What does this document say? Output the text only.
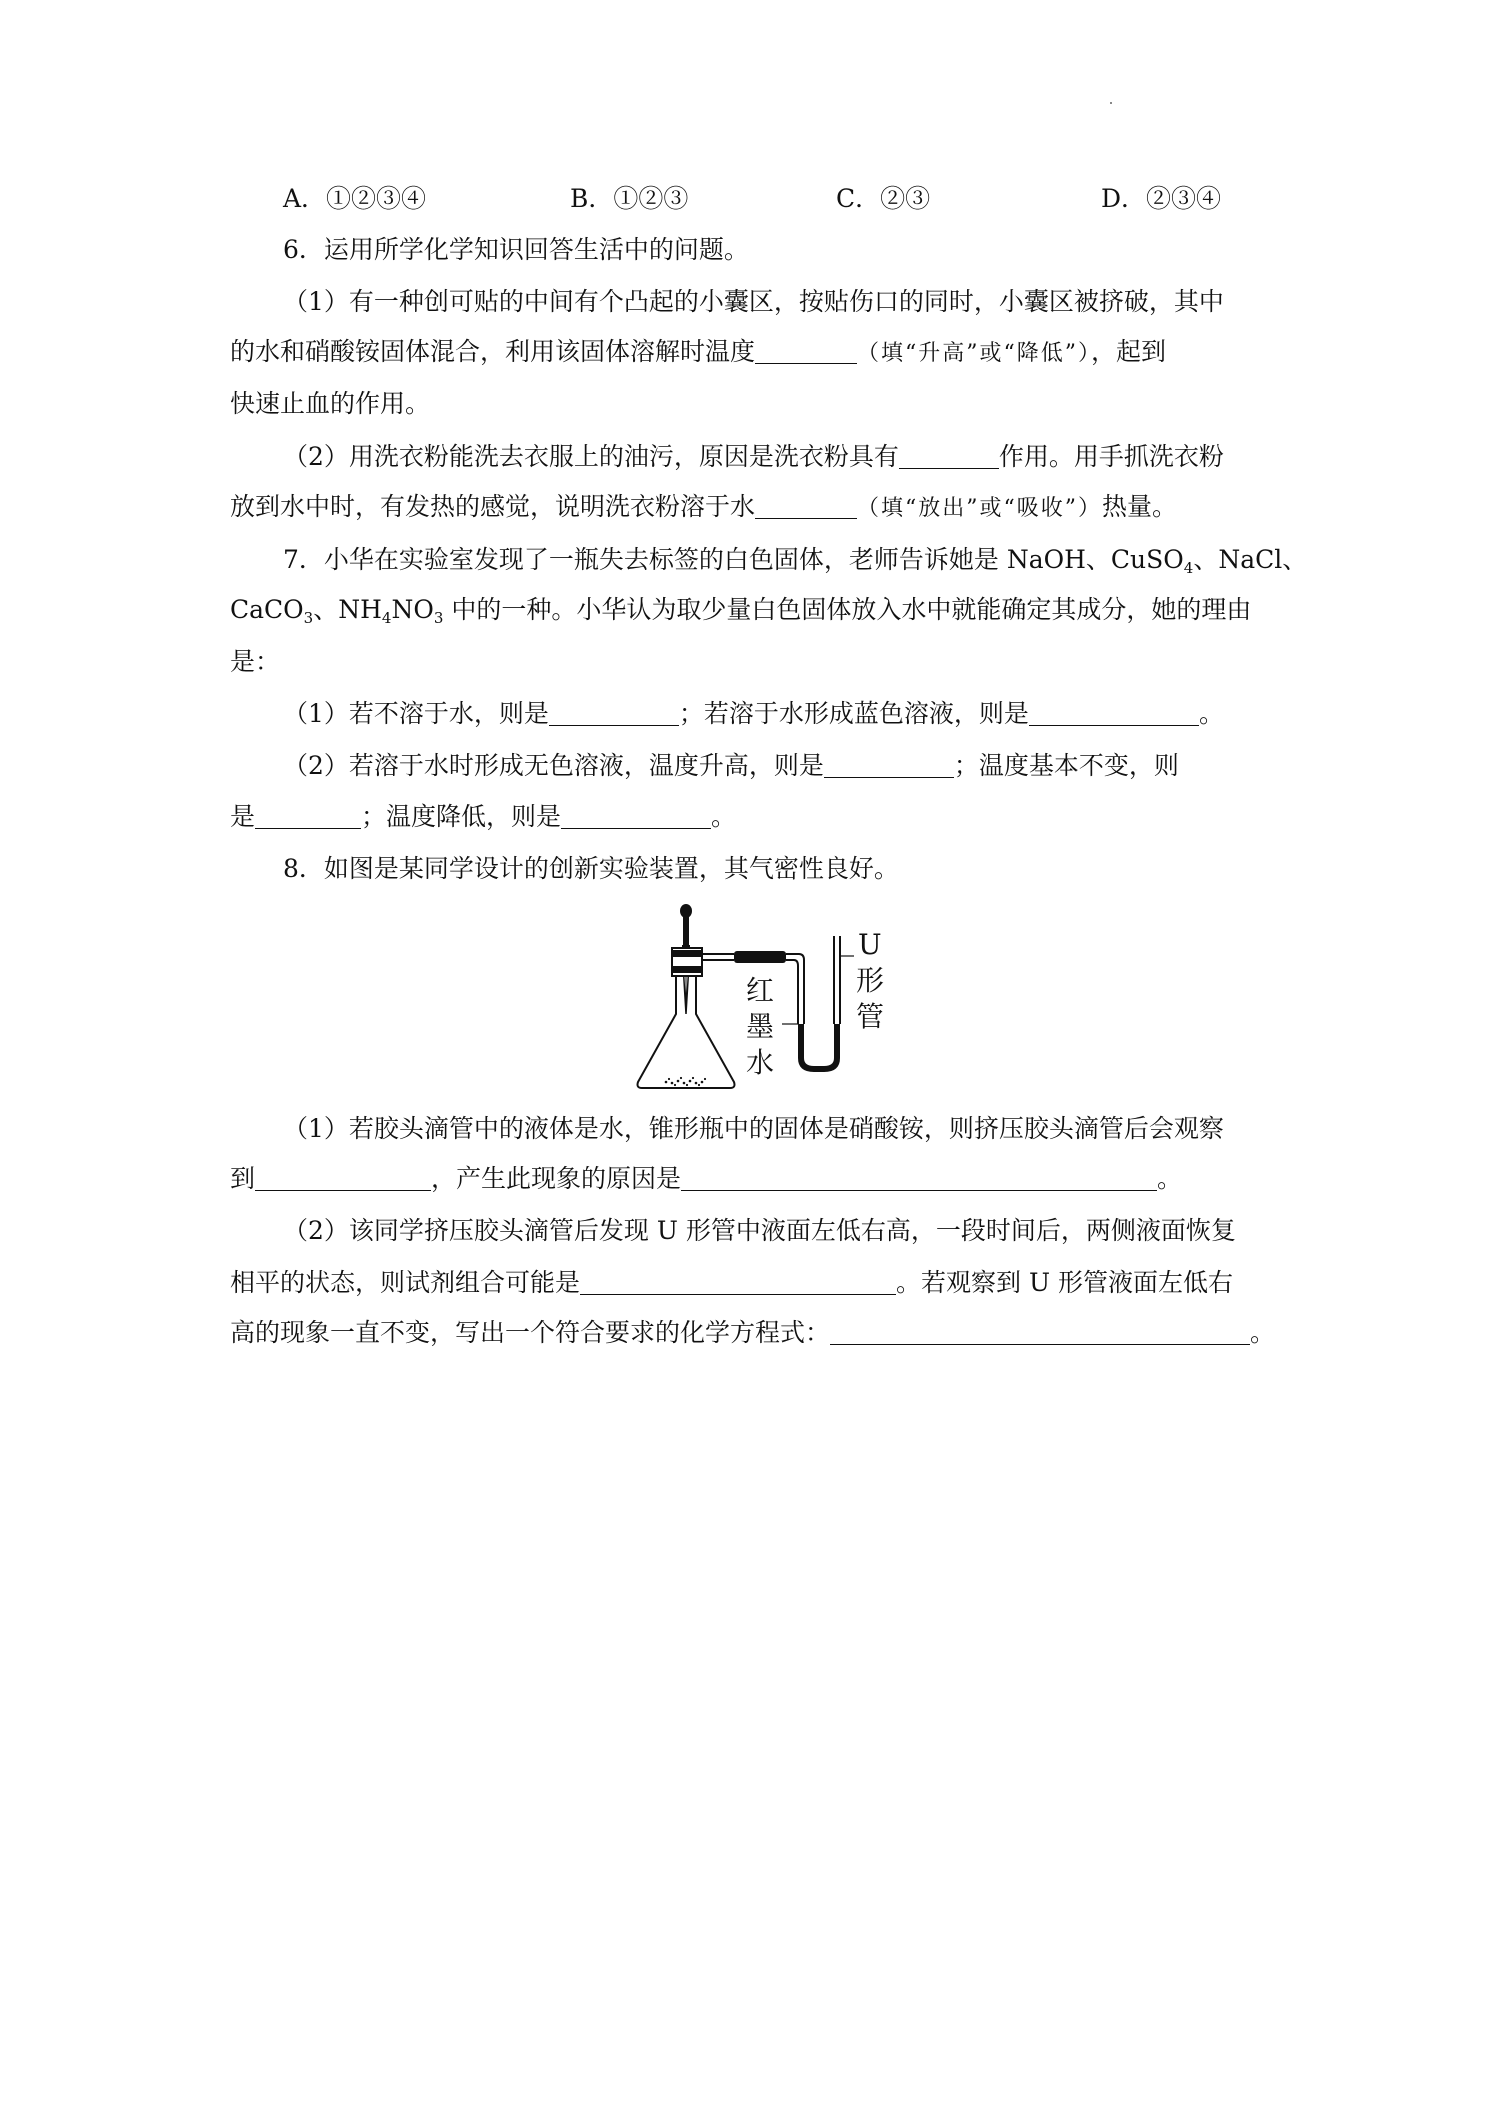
A．①②③④	B．①②③	C．②③	D．②③④
6．运用所学化学知识回答生活中的问题。
（1）有一种创可贴的中间有个凸起的小囊区，按贴伤口的同时，小囊区被挤破，其中
的水和硝酸铵固体混合，利用该固体溶解时温度	（填“升高”或“降低”），起到
快速止血的作用。
（2）用洗衣粉能洗去衣服上的油污，原因是洗衣粉具有	作用。用手抓洗衣粉
放到水中时，有发热的感觉，说明洗衣粉溶于水	（填“放出”或“吸收”）热量。
7．小华在实验室发现了一瓶失去标签的白色固体，老师告诉她是 NaOH、CuSO$_4$、NaCl、
CaCO$_3$、$NH_4NO_3$ 中的一种。小华认为取少量白色固体放入水中就能确定其成分，她的理由
是：
（1）若不溶于水，则是	；若溶于水形成蓝色溶液，则是	。
（2）若溶于水时形成无色溶液，温度升高，则是	；温度基本不变，则
是	；温度降低，则是	。
8．如图是某同学设计的创新实验装置，其气密性良好。
红
墨
水
U
形
管
（1）若胶头滴管中的液体是水，锥形瓶中的固体是硝酸铵，则挤压胶头滴管后会观察
到	，产生此现象的原因是	。
（2）该同学挤压胶头滴管后发现 U 形管中液面左低右高，一段时间后，两侧液面恢复
相平的状态，则试剂组合可能是	。若观察到 U 形管液面左低右
高的现象一直不变，写出一个符合要求的化学方程式：	。
